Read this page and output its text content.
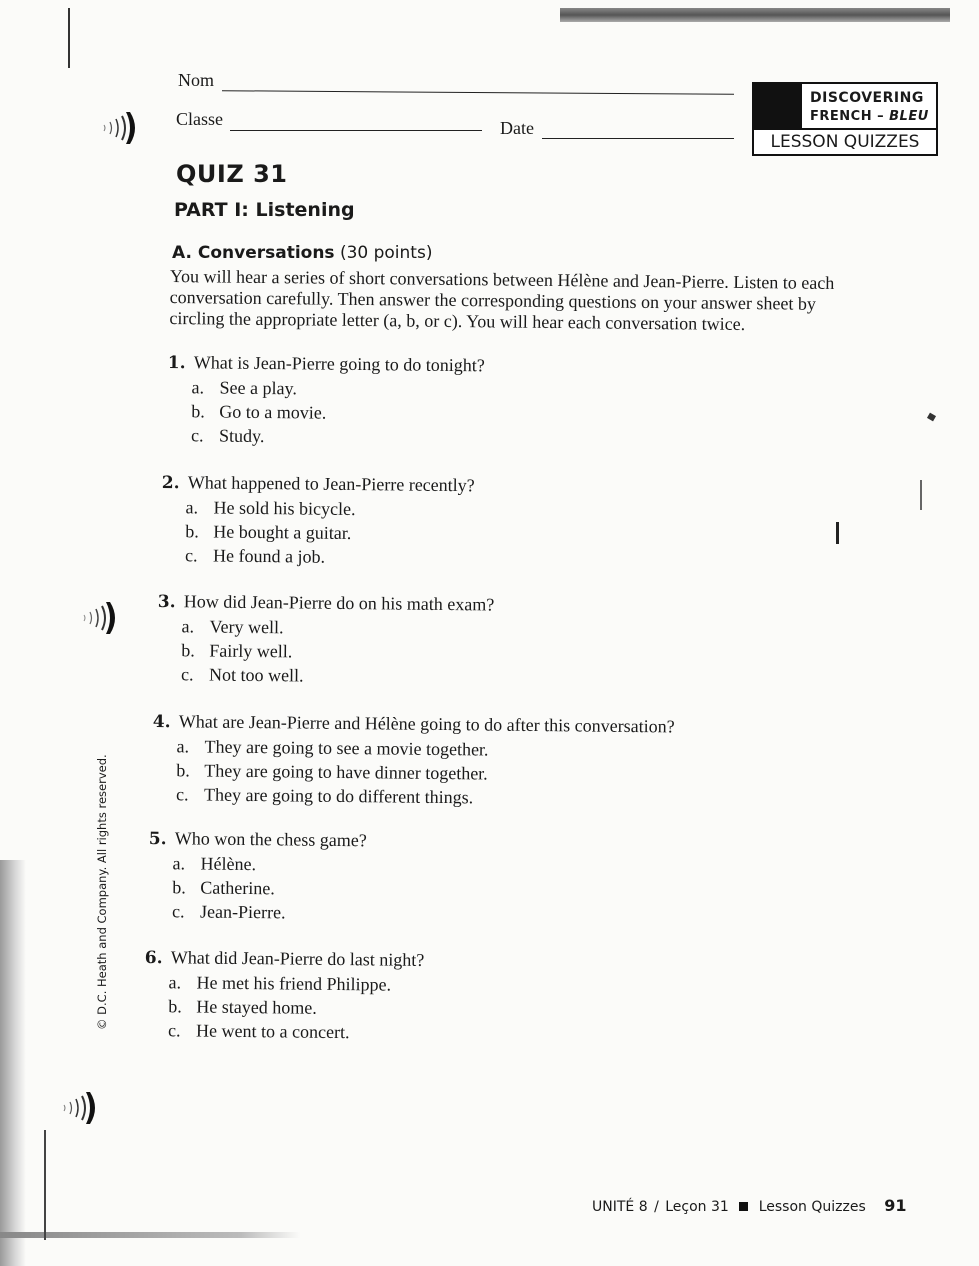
Nom
Classe	Date
DISCOVERING
FRENCH – BLEU
LESSON QUIZZES
QUIZ 31
PART I: Listening
A. Conversations (30 points)
You will hear a series of short conversations between Hélène and Jean-Pierre. Listen to each conversation carefully. Then answer the corresponding questions on your answer sheet by circling the appropriate letter (a, b, or c). You will hear each conversation twice.
1. What is Jean-Pierre going to do tonight?
a. See a play.
b. Go to a movie.
c. Study.
2. What happened to Jean-Pierre recently?
a. He sold his bicycle.
b. He bought a guitar.
c. He found a job.
3. How did Jean-Pierre do on his math exam?
a. Very well.
b. Fairly well.
c. Not too well.
4. What are Jean-Pierre and Hélène going to do after this conversation?
a. They are going to see a movie together.
b. They are going to have dinner together.
c. They are going to do different things.
5. Who won the chess game?
a. Hélène.
b. Catherine.
c. Jean-Pierre.
6. What did Jean-Pierre do last night?
a. He met his friend Philippe.
b. He stayed home.
c. He went to a concert.
© D.C. Heath and Company. All rights reserved.
UNITÉ 8 / Leçon 31 Lesson Quizzes 91
